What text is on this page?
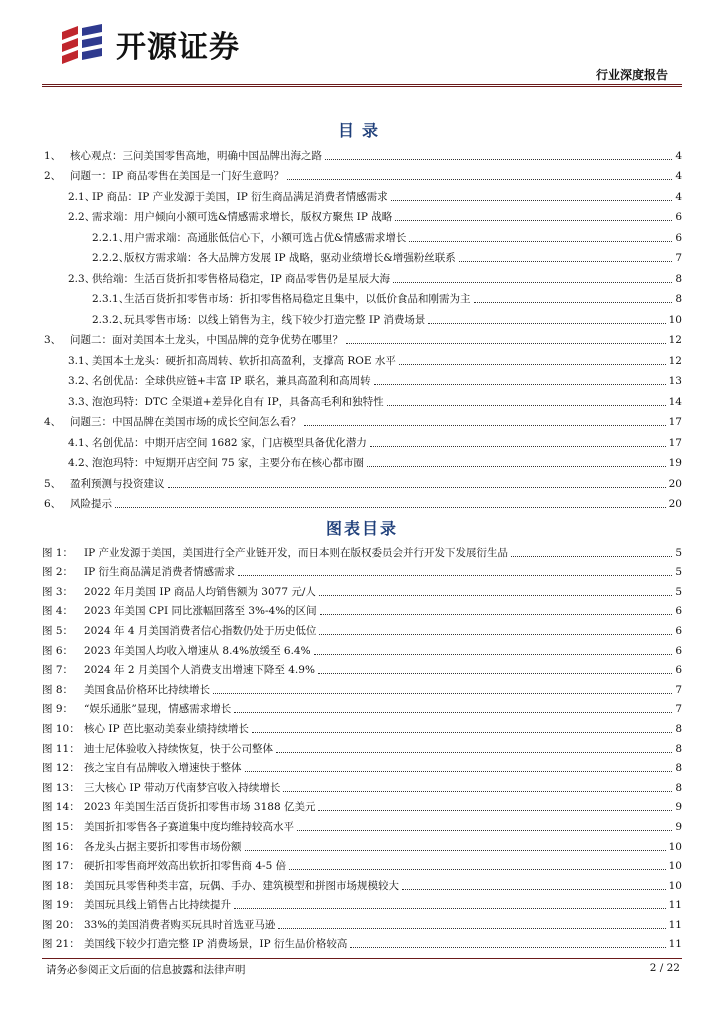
开源证券
行业深度报告
目录
1、 核心观点：三问美国零售高地，明确中国品牌出海之路	4
2、 问题一：IP 商品零售在美国是一门好生意吗？	4
2.1、
IP 商品：IP 产业发源于美国，IP 衍生商品满足消费者情感需求	4
2.2、
需求端：用户倾向小额可选&情感需求增长，版权方聚焦 IP 战略	6
2.2.1、
用户需求端：高通胀低信心下，小额可选占优&情感需求增长	6
2.2.2、
版权方需求端：各大品牌方发展 IP 战略，驱动业绩增长&增强粉丝联系	7
2.3、
供给端：生活百货折扣零售格局稳定，IP 商品零售仍是星辰大海	8
2.3.1、
生活百货折扣零售市场：折扣零售格局稳定且集中，以低价食品和刚需为主	8
2.3.2、
玩具零售市场：以线上销售为主，线下较少打造完整 IP 消费场景	10
3、 问题二：面对美国本土龙头，中国品牌的竞争优势在哪里？	12
3.1、
美国本土龙头：硬折扣高周转、软折扣高盈利，支撑高 ROE 水平	12
3.2、
名创优品：全球供应链+丰富 IP 联名，兼具高盈利和高周转	13
3.3、
泡泡玛特：DTC 全渠道+差异化自有 IP，具备高毛利和独特性	14
4、 问题三：中国品牌在美国市场的成长空间怎么看？	17
4.1、
名创优品：中期开店空间 1682 家，门店模型具备优化潜力	17
4.2、
泡泡玛特：中短期开店空间 75 家，主要分布在核心都市圈	19
5、 盈利预测与投资建议	20
6、 风险提示	20
图表目录
图 1：	IP 产业发源于美国，美国进行全产业链开发，而日本则在版权委员会并行开发下发展衍生品	5
图 2：	IP 衍生商品满足消费者情感需求	5
图 3：	2022 年月美国 IP 商品人均销售额为 3077 元/人	5
图 4：	2023 年美国 CPI 同比涨幅回落至 3%-4%的区间	6
图 5：	2024 年 4 月美国消费者信心指数仍处于历史低位	6
图 6：	2023 年美国人均收入增速从 8.4%放缓至 6.4%	6
图 7：	2024 年 2 月美国个人消费支出增速下降至 4.9%	6
图 8：	美国食品价格环比持续增长	7
图 9：	“娱乐通胀”显现，情感需求增长	7
图 10： 核心 IP 芭比驱动美泰业绩持续增长	8
图 11： 迪士尼体验收入持续恢复，快于公司整体	8
图 12： 孩之宝自有品牌收入增速快于整体	8
图 13： 三大核心 IP 带动万代南梦宫收入持续增长	8
图 14： 2023 年美国生活百货折扣零售市场 3188 亿美元	9
图 15： 美国折扣零售各子赛道集中度均维持较高水平	9
图 16： 各龙头占据主要折扣零售市场份额	10
图 17： 硬折扣零售商坪效高出软折扣零售商 4-5 倍	10
图 18： 美国玩具零售种类丰富，玩偶、手办、建筑模型和拼图市场规模较大	10
图 19： 美国玩具线上销售占比持续提升	11
图 20： 33%的美国消费者购买玩具时首选亚马逊	11
图 21： 美国线下较少打造完整 IP 消费场景，IP 衍生品价格较高	11
请务必参阅正文后面的信息披露和法律声明	2 / 22
